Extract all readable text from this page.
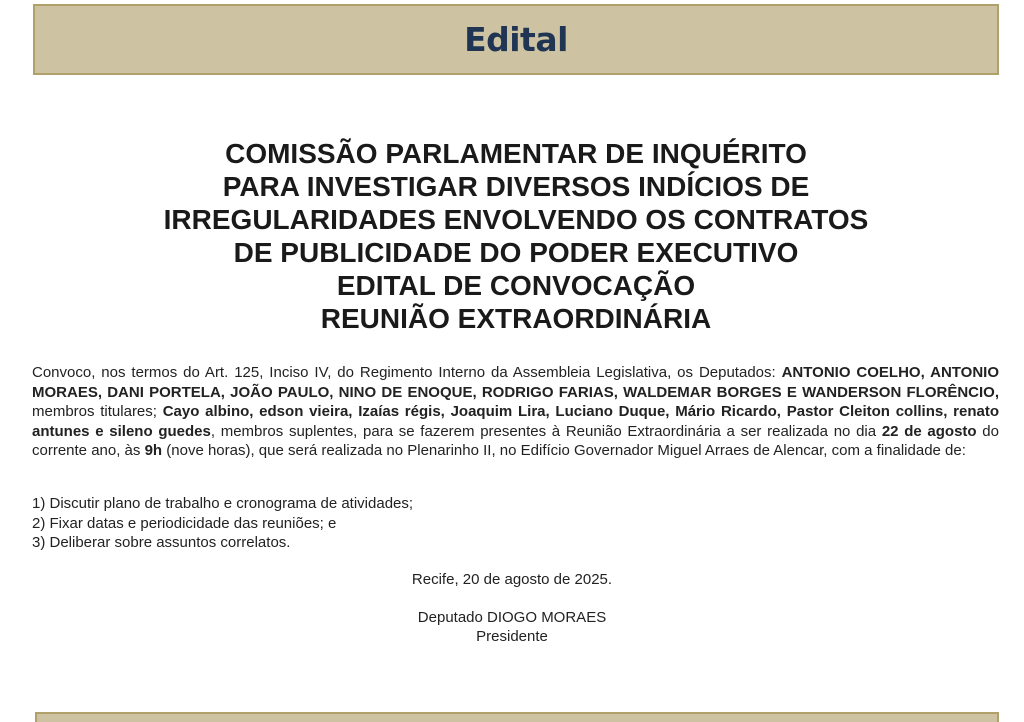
Edital
COMISSÃO PARLAMENTAR DE INQUÉRITO
PARA INVESTIGAR DIVERSOS INDÍCIOS DE
IRREGULARIDADES ENVOLVENDO OS CONTRATOS
DE PUBLICIDADE DO PODER EXECUTIVO
EDITAL DE CONVOCAÇÃO
REUNIÃO EXTRAORDINÁRIA
Convoco, nos termos do Art. 125, Inciso IV, do Regimento Interno da Assembleia Legislativa, os Deputados: ANTONIO COELHO, ANTONIO MORAES, DANI PORTELA, JOÃO PAULO, NINO DE ENOQUE, RODRIGO FARIAS, WALDEMAR BORGES E WANDERSON FLORÊNCIO, membros titulares; Cayo albino, edson vieira, Izaías régis, Joaquim Lira, Luciano Duque, Mário Ricardo, Pastor Cleiton collins, renato antunes e sileno guedes, membros suplentes, para se fazerem presentes à Reunião Extraordinária a ser realizada no dia 22 de agosto do corrente ano, às 9h (nove horas), que será realizada no Plenarinho II, no Edifício Governador Miguel Arraes de Alencar, com a finalidade de:
1) Discutir plano de trabalho e cronograma de atividades;
2) Fixar datas e periodicidade das reuniões; e
3) Deliberar sobre assuntos correlatos.
Recife, 20 de agosto de 2025.
Deputado DIOGO MORAES
Presidente
